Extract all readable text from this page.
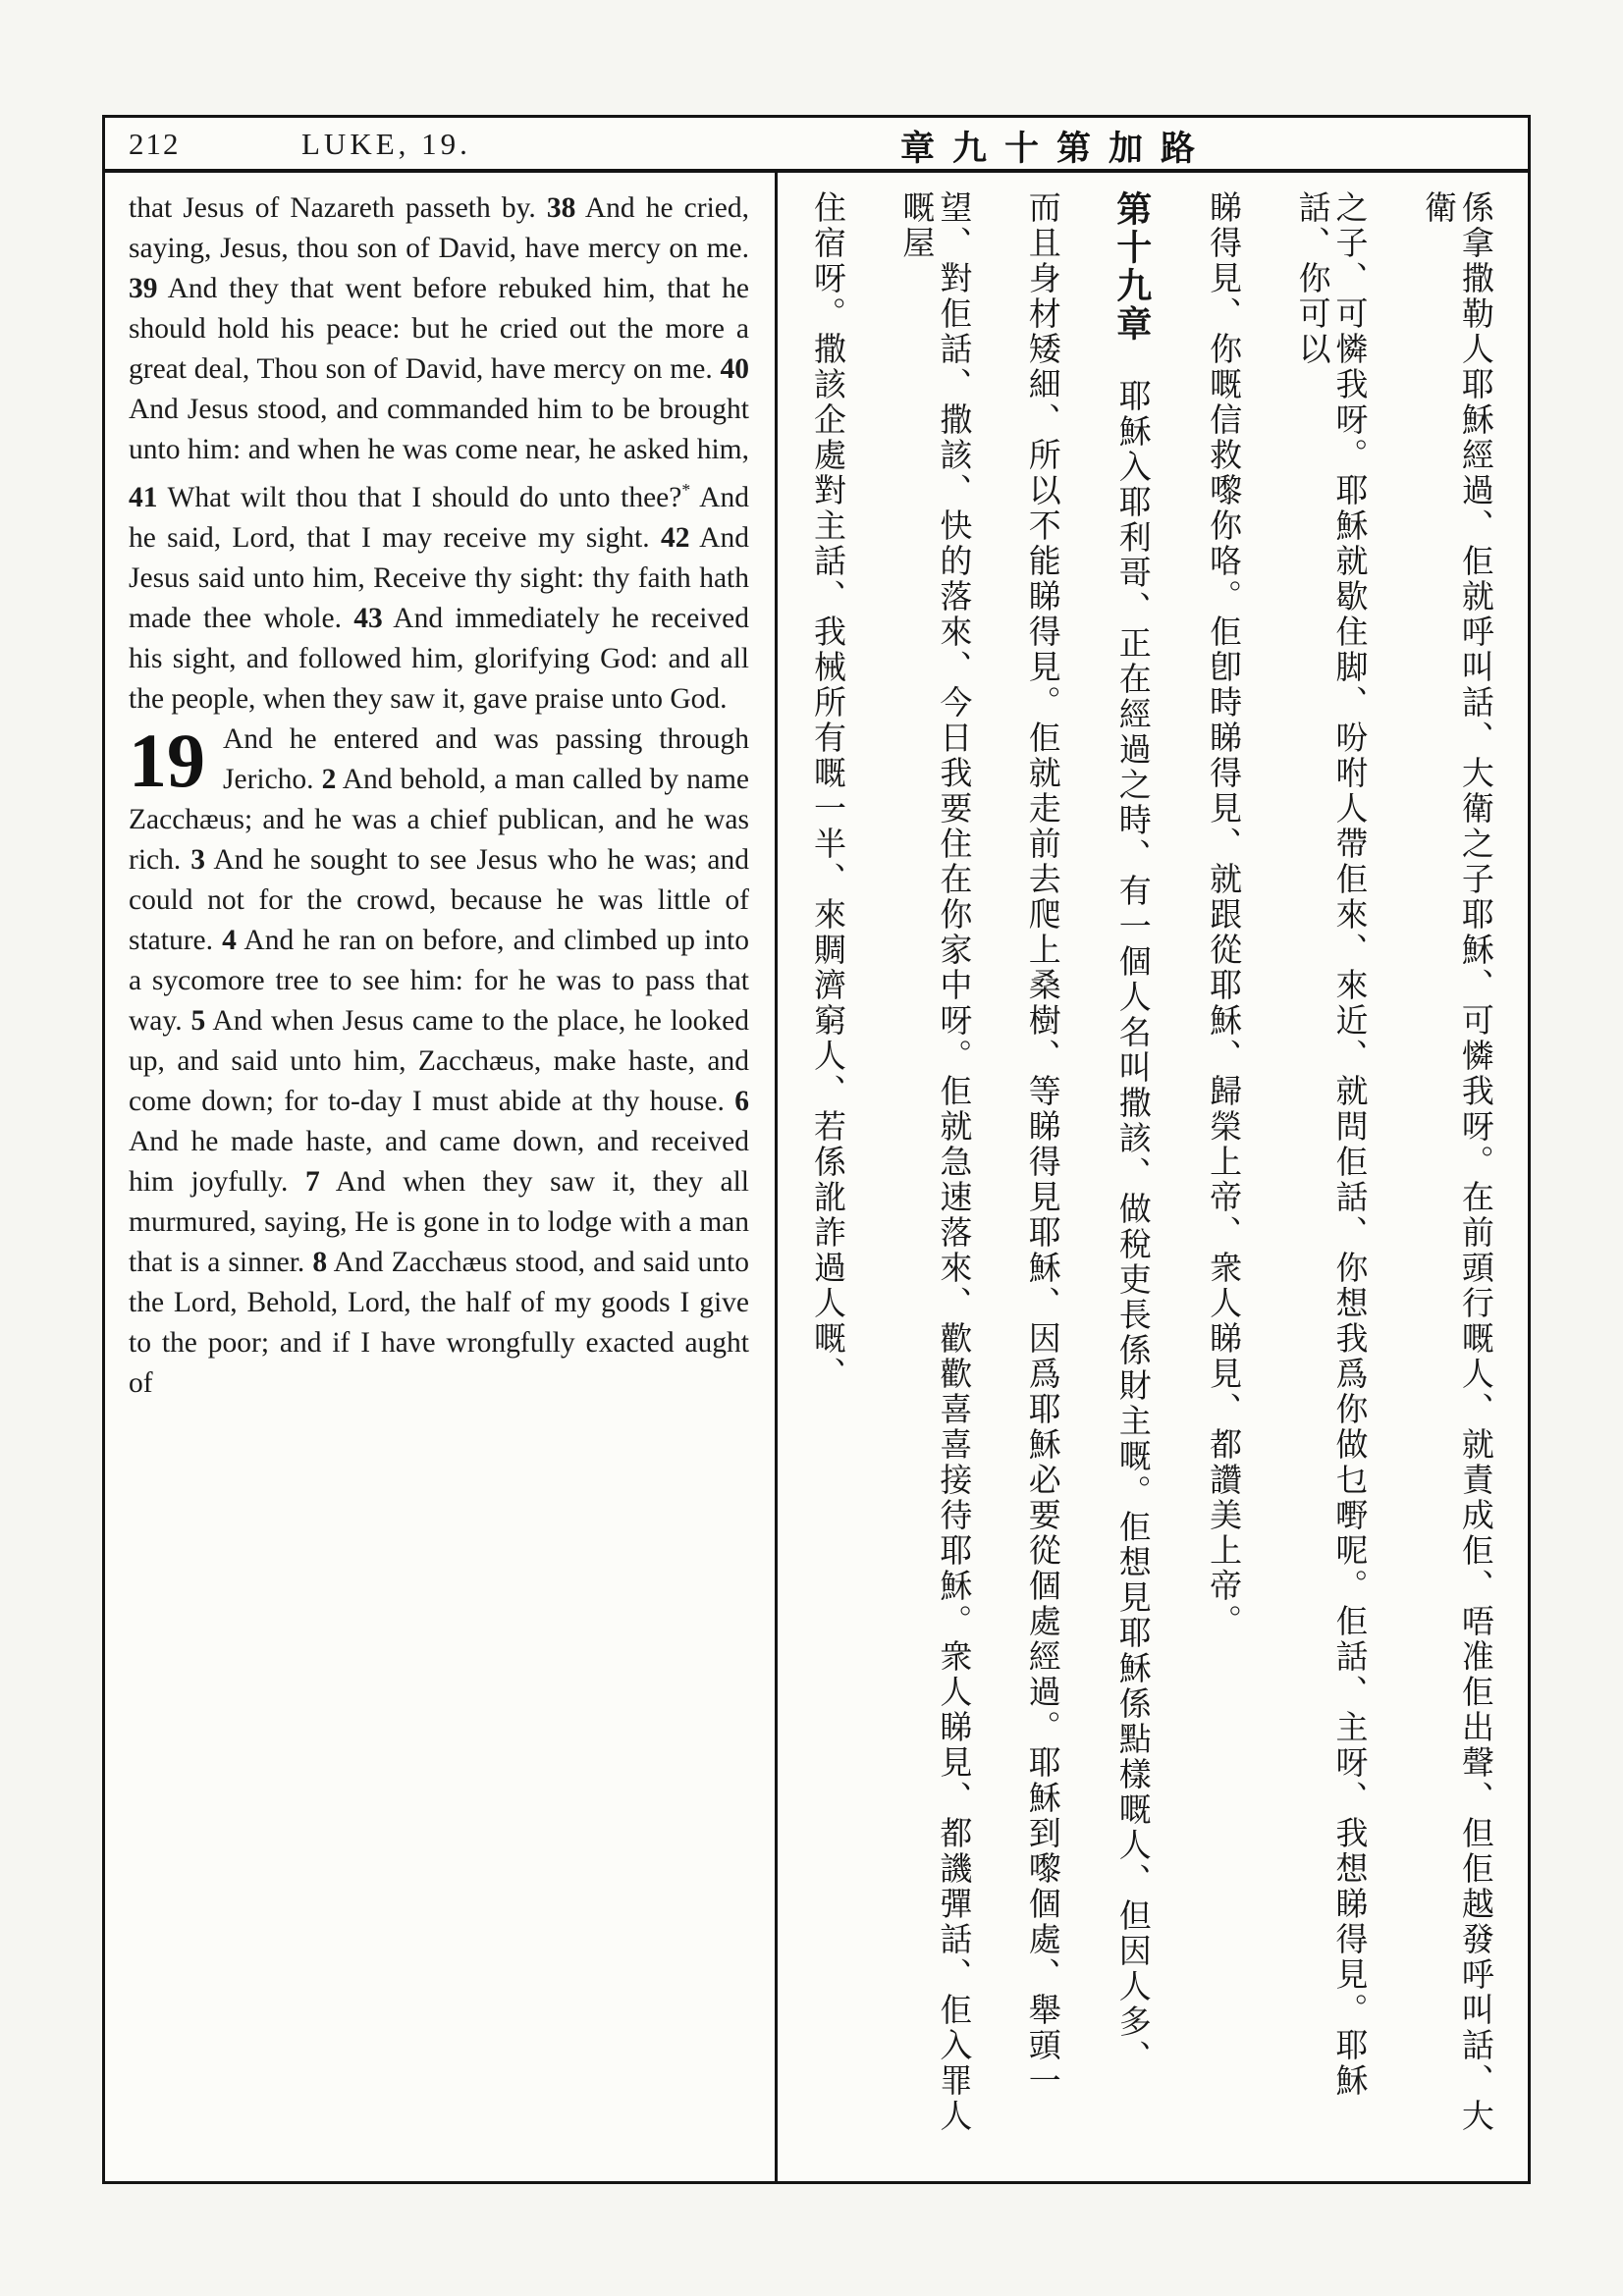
212	LUKE, 19.	章九十第加路

that Jesus of Nazareth passeth by. 38 And he cried, saying, Jesus, thou son of David, have mercy on me. 39 And they that went before rebuked him, that he should hold his peace: but he cried out the more a great deal, Thou son of David, have mercy on me. 40 And Jesus stood, and commanded him to be brought unto him: and when he was come near, he asked him, 41 What wilt thou that I should do unto thee?* And he said, Lord, that I may receive my sight. 42 And Jesus said unto him, Receive thy sight: thy faith hath made thee whole. 43 And immediately he received his sight, and followed him, glorifying God: and all the people, when they saw it, gave praise unto God.

19 And he entered and was passing through Jericho. 2 And behold, a man called by name Zacchæus; and he was a chief publican, and he was rich. 3 And he sought to see Jesus who he was; and could not for the crowd, because he was little of stature. 4 And he ran on before, and climbed up into a sycomore tree to see him: for he was to pass that way. 5 And when Jesus came to the place, he looked up, and said unto him, Zacchæus, make haste, and come down; for to-day I must abide at thy house. 6 And he made haste, and came down, and received him joyfully. 7 And when they saw it, they all murmured, saying, He is gone in to lodge with a man that is a sinner. 8 And Zacchæus stood, and said unto the Lord, Behold, Lord, the half of my goods I give to the poor; and if I have wrongfully exacted aught of	係拿撒勒人耶穌經過、佢就呼叫話、大衛之子耶穌、可憐我呀。在前頭行嘅人、就責成佢、唔准佢出聲、但佢越發呼叫話、大衛
之子、可憐我呀。耶穌就歇住脚、吩咐人帶佢來、來近、就問佢話、你想我爲你做乜嘢呢。佢話、主呀、我想睇得見。耶穌話、你可以
睇得見、你嘅信救嚟你咯。佢卽時睇得見、就跟從耶穌、歸榮上帝、衆人睇見、都讚美上帝。
第十九章　耶穌入耶利哥、正在經過之時、有一個人名叫撒該、做稅吏長係財主嘅。佢想見耶穌係點樣嘅人、但因人多、
而且身材矮細、所以不能睇得見。佢就走前去爬上桑樹、等睇得見耶穌、因爲耶穌必要從個處經過。耶穌到嚟個處、舉頭一
望、對佢話、撒該、快的落來、今日我要住在你家中呀。佢就急速落來、歡歡喜喜接待耶穌。衆人睇見、都譏彈話、佢入罪人嘅屋
住宿呀。撒該企處對主話、我械所有嘅一半、來賙濟窮人、若係訛詐過人嘅、
